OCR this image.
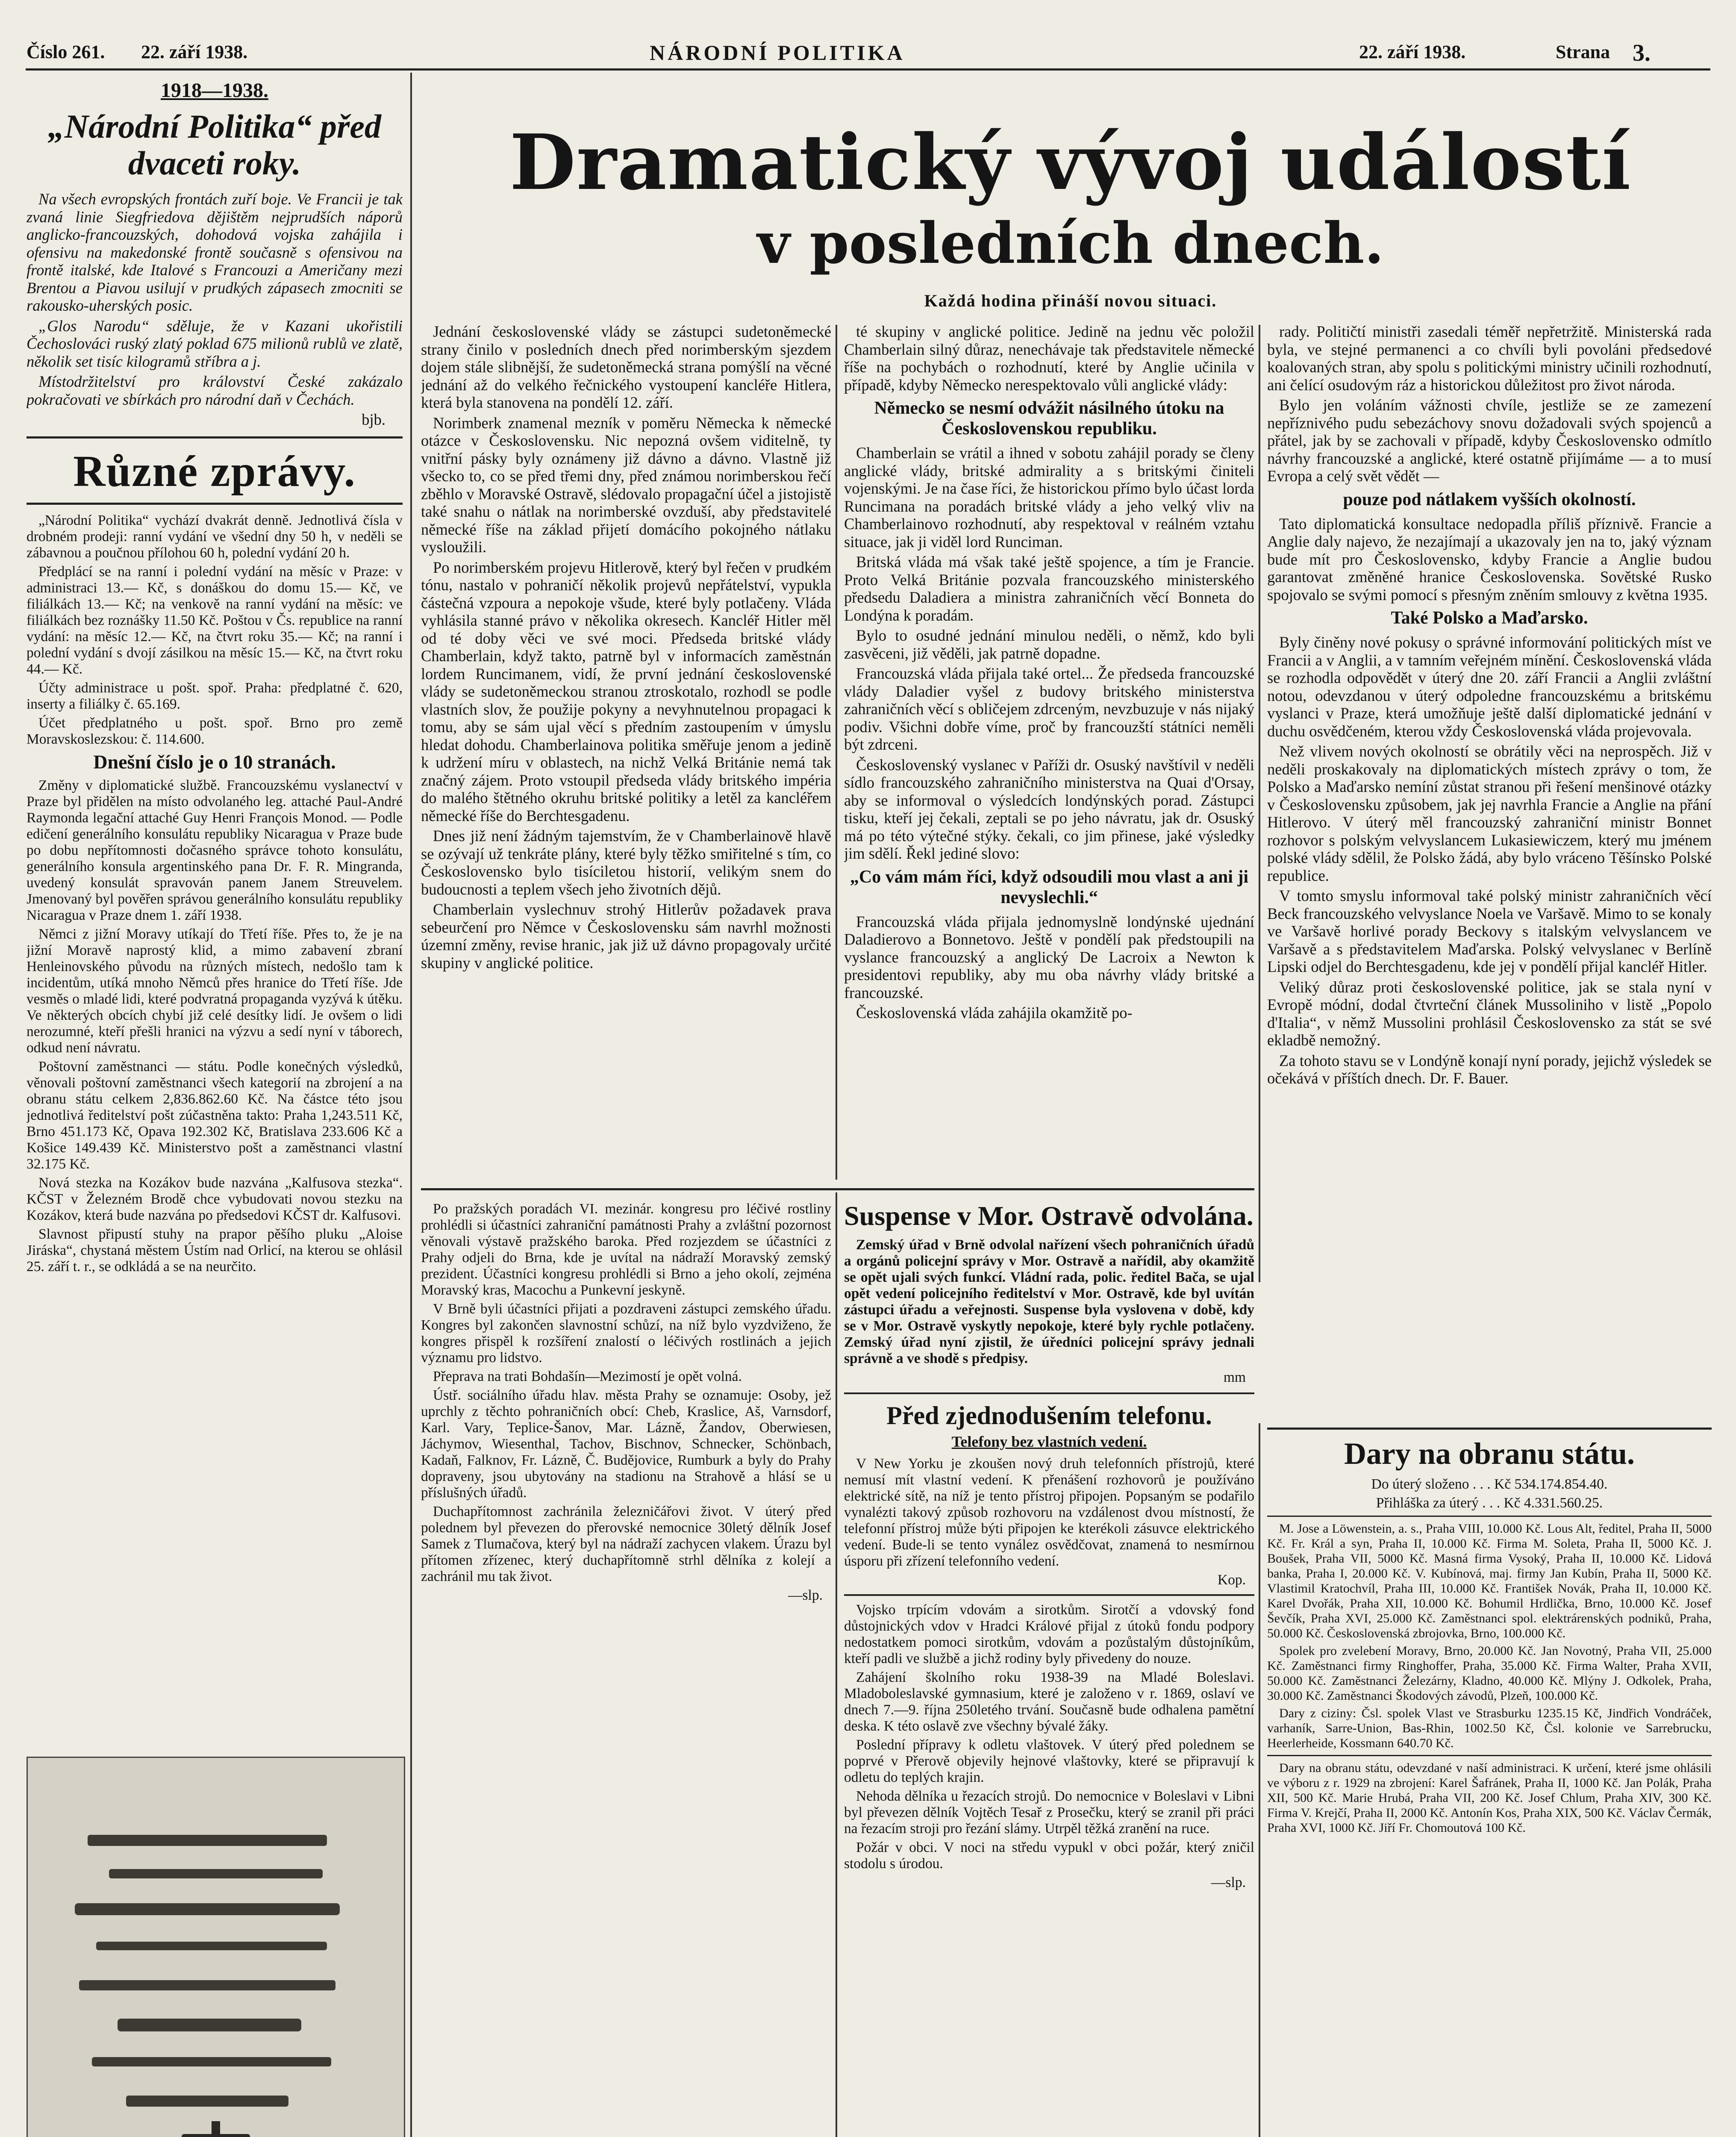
Číslo 261. 22. září 1938.	NÁRODNÍ POLITIKA	22. září 1938.	Strana 3.
1918—1938.
„Národní Politika“ před dvaceti roky.

Na všech evropských frontách zuří boje. Ve Francii je tak zvaná linie Siegfriedova dějištěm nejprudších náporů anglicko-francouzských, dohodová vojska zahájila i ofensivu na makedonské frontě současně s ofensivou na frontě italské, kde Italové s Francouzi a Američany mezi Brentou a Piavou usilují v prudkých zápasech zmocniti se rakousko-uherských posic.

„Glos Narodu“ sděluje, že v Kazani ukořistili Čechoslováci ruský zlatý poklad 675 milionů rublů ve zlatě, několik set tisíc kilogramů stříbra a j.

Místodržitelství pro království České zakázalo pokračovati ve sbírkách pro národní daň v Čechách.

bjb.

Různé zprávy.

„Národní Politika“ vychází dvakrát denně. Jednotlivá čísla v drobném prodeji: ranní vydání ve všední dny 50 h, v neděli se zábavnou a poučnou přílohou 60 h, polední vydání 20 h.

Předplácí se na ranní i polední vydání na měsíc v Praze: v administraci 13.— Kč, s donáškou do domu 15.— Kč, ve filiálkách 13.— Kč; na venkově na ranní vydání na měsíc: ve filiálkách bez roznášky 11.50 Kč. Poštou v Čs. republice na ranní vydání: na měsíc 12.— Kč, na čtvrt roku 35.— Kč; na ranní i polední vydání s dvojí zásilkou na měsíc 15.— Kč, na čtvrt roku 44.— Kč.

Účty administrace u pošt. spoř. Praha: předplatné č. 620, inserty a filiálky č. 65.169.

Účet předplatného u pošt. spoř. Brno pro země Moravskoslezskou: č. 114.600.

Dnešní číslo je o 10 stranách.

Změny v diplomatické službě. Francouzskému vyslanectví v Praze byl přidělen na místo odvolaného leg. attaché Paul-André Raymonda legační attaché Guy Henri François Monod. — Podle edičení generálního konsulátu republiky Nicaragua v Praze bude po dobu nepřítomnosti dočasného správce tohoto konsulátu, generálního konsula argentinského pana Dr. F. R. Mingranda, uvedený konsulát spravován panem Janem Streuvelem. Jmenovaný byl pověřen správou generálního konsulátu republiky Nicaragua v Praze dnem 1. září 1938.

Němci z jižní Moravy utíkají do Třetí říše. Přes to, že je na jižní Moravě naprostý klid, a mimo zabavení zbraní Henleinovského původu na různých místech, nedošlo tam k incidentům, utíká mnoho Němců přes hranice do Třetí říše. Jde vesměs o mladé lidi, které podvratná propaganda vyzývá k útěku. Ve některých obcích chybí již celé desítky lidí. Je ovšem o lidi nerozumné, kteří přešli hranici na výzvu a sedí nyní v táborech, odkud není návratu.

Poštovní zaměstnanci — státu. Podle konečných výsledků, věnovali poštovní zaměstnanci všech kategorií na zbrojení a na obranu státu celkem 2,836.862.60 Kč. Na částce této jsou jednotlivá ředitelství pošt zúčastněna takto: Praha 1,243.511 Kč, Brno 451.173 Kč, Opava 192.302 Kč, Bratislava 233.606 Kč a Košice 149.439 Kč. Ministerstvo pošt a zaměstnanci vlastní 32.175 Kč.

Nová stezka na Kozákov bude nazvána „Kalfusova stezka“. KČST v Železném Brodě chce vybudovati novou stezku na Kozákov, která bude nazvána po předsedovi KČST dr. Kalfusovi.

Slavnost připustí stuhy na prapor pěšího pluku „Aloise Jiráska“, chystaná městem Ústím nad Orlicí, na kterou se ohlásil 25. září t. r., se odkládá a se na neurčito.

Dramatický vývoj událostí
v posledních dnech.
Každá hodina přináší novou situaci.

Jednání československé vlády se zástupci sudetoněmecké strany činilo v posledních dnech před norimberským sjezdem dojem stále slibnější, že sudetoněmecká strana pomýšlí na věcné jednání až do velkého řečnického vystoupení kancléře Hitlera, která byla stanovena na pondělí 12. září.

Norimberk znamenal mezník v poměru Německa k německé otázce v Československu. Nic nepozná ovšem viditelně, ty vnitřní pásky byly oznámeny již dávno a dávno. Vlastně již všecko to, co se před třemi dny, před známou norimberskou řečí zběhlo v Moravské Ostravě, slédovalo propagační účel a jistojistě také snahu o nátlak na norimberské ovzduší, aby představitelé německé říše na základ přijetí domácího pokojného nátlaku vysloužili.

Po norimberském projevu Hitlerově, který byl řečen v prudkém tónu, nastalo v pohraničí několik projevů nepřátelství, vypukla částečná vzpoura a nepokoje všude, které byly potlačeny. Vláda vyhlásila stanné právo v několika okresech. Kancléř Hitler měl od té doby věci ve své moci. Předseda britské vlády Chamberlain, když takto, patrně byl v informacích zaměstnán lordem Runcimanem, vidí, že první jednání československé vlády se sudetoněmeckou stranou ztroskotalo, rozhodl se podle vlastních slov, že použije pokyny a nevyhnutelnou propagaci k tomu, aby se sám ujal věcí s předním zastoupením v úmyslu hledat dohodu. Chamberlainova politika směřuje jenom a jedině k udržení míru v oblastech, na nichž Velká Británie nemá tak značný zájem. Proto vstoupil předseda vlády britského impéria do malého štětného okruhu britské politiky a letěl za kancléřem německé říše do Berchtesgadenu.

Dnes již není žádným tajemstvím, že v Chamberlainově hlavě se ozývají už tenkráte plány, které byly těžko smiřitelné s tím, co Československo bylo tisíciletou historií, velikým snem do budoucnosti a teplem všech jeho životních dějů.

Chamberlain vyslechnuv strohý Hitlerův požadavek prava sebeurčení pro Němce v Československu sám navrhl možnosti územní změny, revise hranic, jak již už dávno propagovaly určité skupiny v anglické politice.

té skupiny v anglické politice. Jedině na jednu věc položil Chamberlain silný důraz, nenechávaje tak představitele německé říše na pochybách o rozhodnutí, které by Anglie učinila v případě, kdyby Německo nerespektovalo vůli anglické vlády:

Německo se nesmí odvážit násilného útoku na Československou republiku.

Chamberlain se vrátil a ihned v sobotu zahájil porady se členy anglické vlády, britské admirality a s britskými činiteli vojenskými. Je na čase říci, že historickou přímo bylo účast lorda Runcimana na poradách britské vlády a jeho velký vliv na Chamberlainovo rozhodnutí, aby respektoval v reálném vztahu situace, jak ji viděl lord Runciman.

Britská vláda má však také ještě spojence, a tím je Francie. Proto Velká Británie pozvala francouzského ministerského předsedu Daladiera a ministra zahraničních věcí Bonneta do Londýna k poradám.

Bylo to osudné jednání minulou neděli, o němž, kdo byli zasvěceni, již věděli, jak patrně dopadne.

Francouzská vláda přijala také ortel... Že předseda francouzské vlády Daladier vyšel z budovy britského ministerstva zahraničních věcí s obličejem zdrceným, nevzbuzuje v nás nijaký podiv. Všichni dobře víme, proč by francouzští státníci neměli být zdrceni.

Československý vyslanec v Paříži dr. Osuský navštívil v neděli sídlo francouzského zahraničního ministerstva na Quai d'Orsay, aby se informoval o výsledcích londýnských porad. Zástupci tisku, kteří jej čekali, zeptali se po jeho návratu, jak dr. Osuský má po této výtečné stýky. čekali, co jim přinese, jaké výsledky jim sdělí. Řekl jediné slovo:

„Co vám mám říci, když odsoudili mou vlast a ani ji nevyslechli.“

Francouzská vláda přijala jednomyslně londýnské ujednání Daladierovo a Bonnetovo. Ještě v pondělí pak předstoupili na vyslance francouzský a anglický De Lacroix a Newton k presidentovi republiky, aby mu oba návrhy vlády britské a francouzské.

Československá vláda zahájila okamžitě po-

rady. Političtí ministři zasedali téměř nepřetržitě. Ministerská rada byla, ve stejné permanenci a co chvíli byli povoláni předsedové koalovaných stran, aby spolu s politickými ministry učinili rozhodnutí, ani čelící osudovým ráz a historickou důležitost pro život národa.

Bylo jen voláním vážnosti chvíle, jestliže se ze zamezení nepříznivého pudu sebezáchovy snovu dožadovali svých spojenců a přátel, jak by se zachovali v případě, kdyby Československo odmítlo návrhy francouzské a anglické, které ostatně přijímáme — a to musí Evropa a celý svět vědět —

pouze pod nátlakem vyšších okolností.

Tato diplomatická konsultace nedopadla příliš příznivě. Francie a Anglie daly najevo, že nezajímají a ukazovaly jen na to, jaký význam bude mít pro Československo, kdyby Francie a Anglie budou garantovat změněné hranice Československa. Sovětské Rusko spojovalo se svými pomocí s přesným zněním smlouvy z května 1935.

Také Polsko a Maďarsko.

Byly činěny nové pokusy o správné informování politických míst ve Francii a v Anglii, a v tamním veřejném mínění. Československá vláda se rozhodla odpovědět v úterý dne 20. září Francii a Anglii zvláštní notou, odevzdanou v úterý odpoledne francouzskému a britskému vyslanci v Praze, která umožňuje ještě další diplomatické jednání v duchu osvědčeném, kterou vždy Československá vláda projevovala.

Než vlivem nových okolností se obrátily věci na neprospěch. Již v neděli proskakovaly na diplomatických místech zprávy o tom, že Polsko a Maďarsko nemíní zůstat stranou při řešení menšinové otázky v Československu způsobem, jak jej navrhla Francie a Anglie na přání Hitlerovo. V úterý měl francouzský zahraniční ministr Bonnet rozhovor s polským velvyslancem Lukasiewiczem, který mu jménem polské vlády sdělil, že Polsko žádá, aby bylo vráceno Těšínsko Polské republice.

V tomto smyslu informoval také polský ministr zahraničních věcí Beck francouzského velvyslance Noela ve Varšavě. Mimo to se konaly ve Varšavě horlivé porady Beckovy s italským velvyslancem ve Varšavě a s představitelem Maďarska. Polský velvyslanec v Berlíně Lipski odjel do Berchtesgadenu, kde jej v pondělí přijal kancléř Hitler.

Veliký důraz proti československé politice, jak se stala nyní v Evropě módní, dodal čtvrteční článek Mussoliniho v listě „Popolo d'Italia“, v němž Mussolini prohlásil Československo za stát se své ekladbě nemožný.

Za tohoto stavu se v Londýně konají nyní porady, jejichž výsledek se očekává v příštích dnech. Dr. F. Bauer.

Po pražských poradách VI. mezinár. kongresu pro léčivé rostliny prohlédli si účastníci zahraniční památnosti Prahy a zvláštní pozornost věnovali výstavě pražského baroka. Před rozjezdem se účastníci z Prahy odjeli do Brna, kde je uvítal na nádraží Moravský zemský prezident. Účastníci kongresu prohlédli si Brno a jeho okolí, zejména Moravský kras, Macochu a Punkevní jeskyně.

V Brně byli účastníci přijati a pozdraveni zástupci zemského úřadu. Kongres byl zakončen slavnostní schůzí, na níž bylo vyzdviženo, že kongres přispěl k rozšíření znalostí o léčivých rostlinách a jejich významu pro lidstvo.

Přeprava na trati Bohdašín—Mezimostí je opět volná.

Ústř. sociálního úřadu hlav. města Prahy se oznamuje: Osoby, jež uprchly z těchto pohraničních obcí: Cheb, Kraslice, Aš, Varnsdorf, Karl. Vary, Teplice-Šanov, Mar. Lázně, Žandov, Oberwiesen, Jáchymov, Wiesenthal, Tachov, Bischnov, Schnecker, Schönbach, Kadaň, Falknov, Fr. Lázně, Č. Budějovice, Rumburk a byly do Prahy dopraveny, jsou ubytovány na stadionu na Strahově a hlásí se u příslušných úřadů.

Duchapřítomnost zachránila železničářovi život. V úterý před polednem byl převezen do přerovské nemocnice 30letý dělník Josef Samek z Tlumačova, který byl na nádraží zachycen vlakem. Úrazu byl přítomen zřízenec, který duchapřítomně strhl dělníka z kolejí a zachránil mu tak život.

—slp.

Suspense v Mor. Ostravě odvolána.

Zemský úřad v Brně odvolal nařízení všech pohraničních úřadů a orgánů policejní správy v Mor. Ostravě a nařídil, aby okamžitě se opět ujali svých funkcí. Vládní rada, polic. ředitel Bača, se ujal opět vedení policejního ředitelství v Mor. Ostravě, kde byl uvítán zástupci úřadu a veřejnosti. Suspense byla vyslovena v době, kdy se v Mor. Ostravě vyskytly nepokoje, které byly rychle potlačeny. Zemský úřad nyní zjistil, že úředníci policejní správy jednali správně a ve shodě s předpisy.

mm

Před zjednodušením telefonu.
Telefony bez vlastních vedení.

V New Yorku je zkoušen nový druh telefonních přístrojů, které nemusí mít vlastní vedení. K přenášení rozhovorů je používáno elektrické sítě, na níž je tento přístroj připojen. Popsaným se podařilo vynalézti takový způsob rozhovoru na vzdálenost dvou místností, že telefonní přístroj může býti připojen ke kterékoli zásuvce elektrického vedení. Bude-li se tento vynález osvědčovat, znamená to nesmírnou úsporu při zřízení telefonního vedení.

Kop.

Vojsko trpícím vdovám a sirotkům. Sirotčí a vdovský fond důstojnických vdov v Hradci Králové přijal z útoků fondu podpory nedostatkem pomoci sirotkům, vdovám a pozůstalým důstojníkům, kteří padli ve službě a jichž rodiny byly přivedeny do nouze.

Zahájení školního roku 1938-39 na Mladé Boleslavi. Mladoboleslavské gymnasium, které je založeno v r. 1869, oslaví ve dnech 7.—9. října 250letého trvání. Současně bude odhalena pamětní deska. K této oslavě zve všechny bývalé žáky.

Poslední přípravy k odletu vlaštovek. V úterý před polednem se poprvé v Přerově objevily hejnové vlaštovky, které se připravují k odletu do teplých krajin.

Nehoda dělníka u řezacích strojů. Do nemocnice v Boleslavi v Libni byl převezen dělník Vojtěch Tesař z Prosečku, který se zranil při práci na řezacím stroji pro řezání slámy. Utrpěl těžká zranění na ruce.

Požár v obci. V noci na středu vypukl v obci požár, který zničil stodolu s úrodou.

—slp.

Dary na obranu státu.

Do úterý složeno . . . Kč 534.174.854.40.

Přihláška za úterý . . . Kč 4.331.560.25.

M. Jose a Löwenstein, a. s., Praha VIII, 10.000 Kč. Lous Alt, ředitel, Praha II, 5000 Kč. Fr. Král a syn, Praha II, 10.000 Kč. Firma M. Soleta, Praha II, 5000 Kč. J. Boušek, Praha VII, 5000 Kč. Masná firma Vysoký, Praha II, 10.000 Kč. Lidová banka, Praha I, 20.000 Kč. V. Kubínová, maj. firmy Jan Kubín, Praha II, 5000 Kč. Vlastimil Kratochvíl, Praha III, 10.000 Kč. František Novák, Praha II, 10.000 Kč. Karel Dvořák, Praha XII, 10.000 Kč. Bohumil Hrdlička, Brno, 10.000 Kč. Josef Ševčík, Praha XVI, 25.000 Kč. Zaměstnanci spol. elektrárenských podniků, Praha, 50.000 Kč. Československá zbrojovka, Brno, 100.000 Kč.

Spolek pro zvelebení Moravy, Brno, 20.000 Kč. Jan Novotný, Praha VII, 25.000 Kč. Zaměstnanci firmy Ringhoffer, Praha, 35.000 Kč. Firma Walter, Praha XVII, 50.000 Kč. Zaměstnanci Železárny, Kladno, 40.000 Kč. Mlýny J. Odkolek, Praha, 30.000 Kč. Zaměstnanci Škodových závodů, Plzeň, 100.000 Kč.

Dary z ciziny: Čsl. spolek Vlast ve Strasburku 1235.15 Kč, Jindřich Vondráček, varhaník, Sarre-Union, Bas-Rhin, 1002.50 Kč, Čsl. kolonie ve Sarrebrucku, Heerlerheide, Kossmann 640.70 Kč.

Dary na obranu státu, odevzdané v naší administraci. K určení, které jsme ohlásili ve výboru z r. 1929 na zbrojení: Karel Šafránek, Praha II, 1000 Kč. Jan Polák, Praha XII, 500 Kč. Marie Hrubá, Praha VII, 200 Kč. Josef Chlum, Praha XIV, 300 Kč. Firma V. Krejčí, Praha II, 2000 Kč. Antonín Kos, Praha XIX, 500 Kč. Václav Čermák, Praha XVI, 1000 Kč. Jiří Fr. Chomoutová 100 Kč.
